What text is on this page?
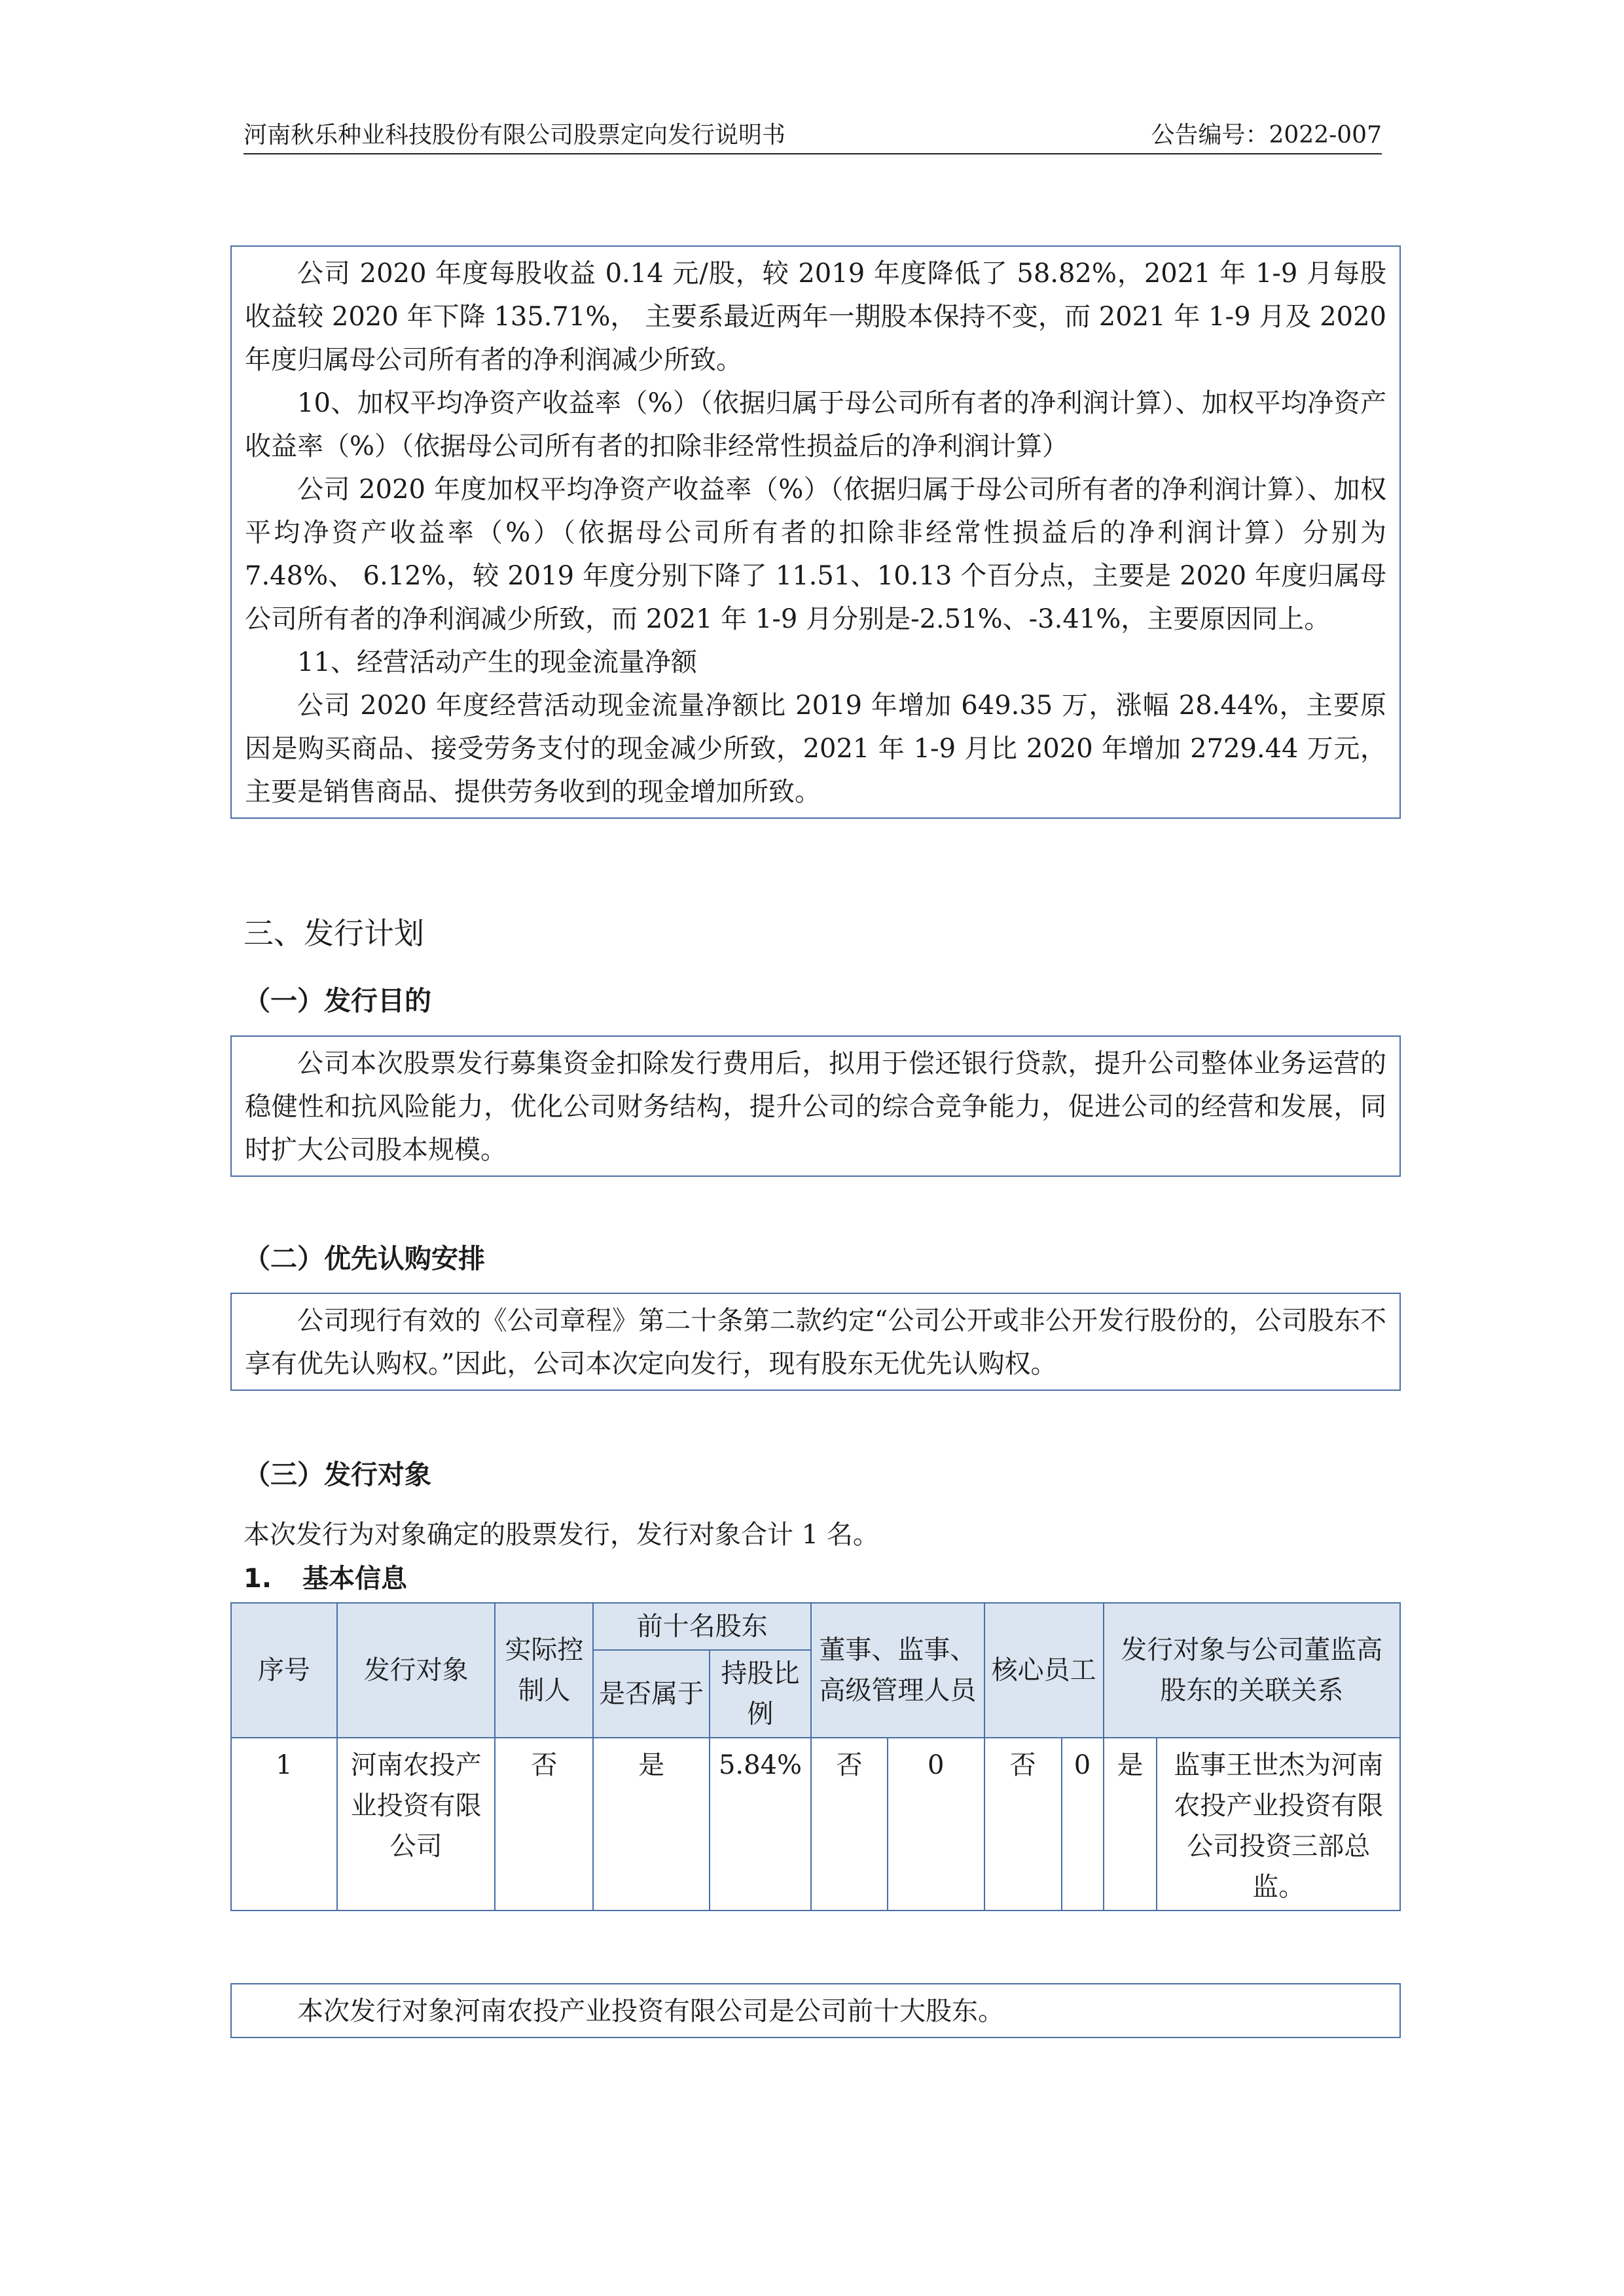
河南秋乐种业科技股份有限公司股票定向发行说明书	公告编号：2022-007

公司 2020 年度每股收益 0.14 元/股，较 2019 年度降低了 58.82%，2021 年 1-9 月每股收益较 2020 年下降 135.71%， 主要系最近两年一期股本保持不变，而 2021 年 1-9 月及 2020 年度归属母公司所有者的净利润减少所致。

10、加权平均净资产收益率（%）（依据归属于母公司所有者的净利润计算）、加权平均净资产收益率（%）（依据母公司所有者的扣除非经常性损益后的净利润计算）

公司 2020 年度加权平均净资产收益率（%）（依据归属于母公司所有者的净利润计算）、加权平均净资产收益率（%）（依据母公司所有者的扣除非经常性损益后的净利润计算）分别为 7.48%、 6.12%，较 2019 年度分别下降了 11.51、10.13 个百分点，主要是 2020 年度归属母公司所有者的净利润减少所致，而 2021 年 1-9 月分别是-2.51%、-3.41%，主要原因同上。

11、经营活动产生的现金流量净额

公司 2020 年度经营活动现金流量净额比 2019 年增加 649.35 万，涨幅 28.44%，主要原因是购买商品、接受劳务支付的现金减少所致，2021 年 1-9 月比 2020 年增加 2729.44 万元，主要是销售商品、提供劳务收到的现金增加所致。

三、发行计划
（一）发行目的

公司本次股票发行募集资金扣除发行费用后，拟用于偿还银行贷款，提升公司整体业务运营的稳健性和抗风险能力，优化公司财务结构，提升公司的综合竞争能力，促进公司的经营和发展，同时扩大公司股本规模。

（二）优先认购安排

公司现行有效的《公司章程》第二十条第二款约定“公司公开或非公开发行股份的，公司股东不享有优先认购权。”因此，公司本次定向发行，现有股东无优先认购权。

（三）发行对象
本次发行为对象确定的股票发行，发行对象合计 1 名。
1. 基本信息
序号	发行对象	实际控制人	前十名股东		董事、监事、高级管理人员		核心员工		发行对象与公司董监高股东的关联关系	
			是否属于	持股比例						
1	河南农投产业投资有限公司	否	是	5.84%	否	0	否	0	是	监事王世杰为河南农投产业投资有限公司投资三部总监。

本次发行对象河南农投产业投资有限公司是公司前十大股东。
